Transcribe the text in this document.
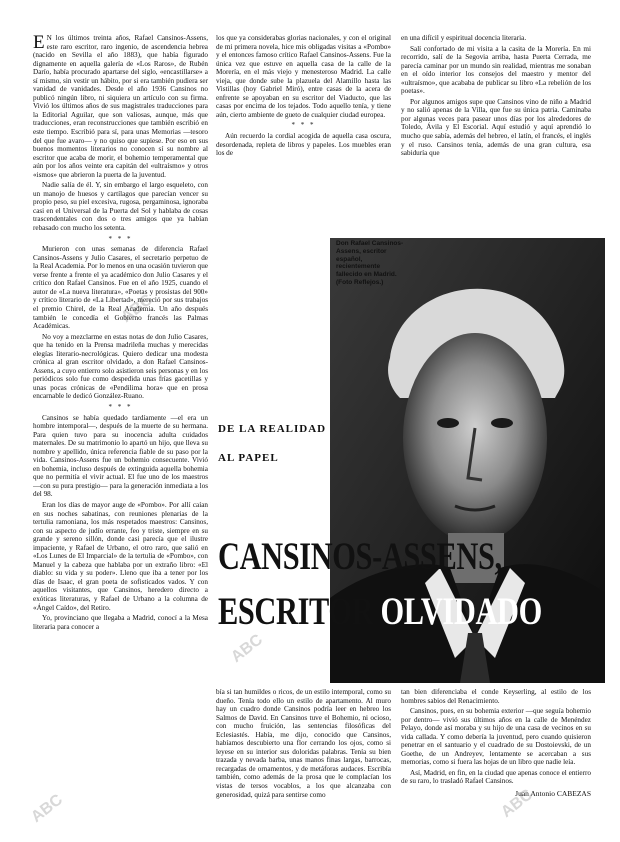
ABC
ABC
ABC	ABC

E N los últimos treinta años, Rafael Cansinos-Assens, este raro escritor, raro ingenio, de ascendencia hebrea (nacido en Sevilla el año 1883), que había figurado dignamente en aquella galería de «Los Raros», de Rubén Darío, había procurado apartarse del siglo, «encastillarse» a sí mismo, sin vestir un hábito, por si era también pudiera ser vanidad de vanidades. Desde el año 1936 Cansinos no publicó ningún libro, ni siquiera un artículo con su firma. Vivió los últimos años de sus magistrales traducciones para la Editorial Aguilar, que son valiosas, aunque, más que traducciones, eran reconstrucciones que también escribió en este tiempo. Escribió para sí, para unas Memorias —tesoro del que fue avaro— y no quiso que supiese. Por eso en sus buenos momentos literarios no conocen sí su nombre al escritor que acaba de morir, el bohemio temperamental que aún por los años veinte era capitán del «ultraísmo» y otros «ismos» que abrieron la puerta de la juventud.

Nadie salía de él. Y, sin embargo el largo esqueleto, con un manojo de huesos y cartílagos que parecían vencer su propio peso, su piel excesiva, rugosa, pergaminosa, ignoraba casi en el Universal de la Puerta del Sol y hablaba de cosas trascendentales con dos o tres amigos que ya habían rebasado con mucho los setenta.

* * *

Murieron con unas semanas de diferencia Rafael Cansinos-Assens y Julio Casares, el secretario perpetuo de la Real Academia. Por lo menos en una ocasión tuvieron que verse frente a frente el ya académico don Julio Casares y el crítico don Rafael Cansinos. Fue en el año 1925, cuando el autor de «La nueva literatura», «Poetas y prosistas del 900» y crítico literario de «La Libertad», mereció por sus trabajos el premio Chirel, de la Real Academia. Un año después también le concedía el Gobierno francés las Palmas Académicas.

No voy a mezclarme en estas notas de don Julio Casares, que ha tenido en la Prensa madrileña muchas y merecidas elegías literario-necrológicas. Quiero dedicar una modesta crónica al gran escritor olvidado, a don Rafael Cansinos-Assens, a cuyo entierro solo asistieron seis personas y en los periódicos solo fue como despedida unas frías gacetillas y unas pocas crónicas de «Pendilima hora» que en prosa encarnable le dedicó González-Ruano.

* * *

Cansinos se había quedado tardíamente —el era un hombre intemporal—, después de la muerte de su hermana. Para quien tuvo para su inocencia adulta cuidados maternales. De su matrimonio lo apartó un hijo, que lleva su nombre y apellido, única referencia fiable de su paso por la vida. Cansinos-Assens fue un bohemio consecuente. Vivió en bohemia, incluso después de extinguida aquella bohemia que no permitía el vivir actual. El fue uno de los maestros —con su pura prestigio— para la generación inmediata a los del 98.

Eran los días de mayor auge de «Pombo». Por allí caían en sus noches sabatinas, con reuniones plenarias de la tertulia ramoniana, los más respetados maestros: Cansinos, con su aspecto de judío errante, feo y triste, siempre en su grande y sereno sillón, donde casi parecía que el ilustre impaciente, y Rafael de Urbano, el otro raro, que salió en «Los Lunes de El Imparcial» de la tertulia de «Pombo», con Manuel y la cabeza que hablaba por un extraño libro: «El diablo: su vida y su poder». Lleno que iba a tener por los días de Isaac, el gran poeta de sofisticados vados. Y con aquellos visitantes, que Cansinos, heredero directo a exóticas literaturas, y Rafael de Urbano a la columna de «Ángel Caído», del Retiro.

Yo, provinciano que llegaba a Madrid, conocí a la Mesa literaria para conocer a

los que ya considerabas glorias nacionales, y con el original de mi primera novela, hice mis obligadas visitas a «Pombo» y el entonces famoso crítico Rafael Cansinos-Assens. Fue la única vez que estuve en aquella casa de la calle de la Morería, en el más viejo y menesteroso Madrid. La calle vieja, que donde sube la plazuela del Alamillo hasta las Vistillas (hoy Gabriel Miró), entre casas de la acera de enfrente se apoyaban en su escritor del Viaducto, que las casas por encima de los tejados. Todo aquello tenía, y tiene aún, cierto ambiente de gueto de cualquier ciudad europea.

* * *

Aún recuerdo la cordial acogida de aquella casa oscura, desordenada, repleta de libros y papeles. Los muebles eran los de

en una difícil y espiritual docencia literaria.

Salí confortado de mi visita a la casita de la Morería. En mi recorrido, salí de la Segovia arriba, hasta Puerta Cerrada, me parecía caminar por un mundo sin realidad, mientras me sonaban en el oído interior los consejos del maestro y mentor del «ultraísmo», que acababa de publicar su libro «La rebelión de los poetas».

Por algunos amigos supe que Cansinos vino de niño a Madrid y no salió apenas de la Villa, que fue su única patria. Caminaba por algunas veces para pasear unos días por los alrededores de Toledo, Ávila y El Escorial. Aquí estudió y aquí aprendió lo mucho que sabía, además del hebreo, el latín, el francés, el inglés y el ruso. Cansinos tenía, además de una gran cultura, esa sabiduría que

Don Rafael Cansinos-Assens, escritor español, recientemente fallecido en Madrid. (Foto Reflejos.)
DE LA REALIDAD
AL PAPEL
CANSINOS-ASSENS,
ESCRITOR OLVIDADO

bía si tan humildes o ricos, de un estilo intemporal, como su dueño. Tenía todo ello un estilo de apartamento. Al muro hay un cuadro donde Cansinos podría leer en hebreo los Salmos de David. En Cansinos tuve el Bohemio, ni ocioso, con mucho fruición, las sentencias filosóficas del Eclesiastés. Había, me dijo, conocido que Cansinos, habíamos descubierto una flor cerrando los ojos, como si leyese en su interior sus doloridas palabras. Tenía su bien trazada y nevada barba, unas manos finas largas, barrocas, recargadas de ornamentos, y de metáforas audaces. Escribía también, como además de la prosa que le complacían los vistas de tersos vocablos, a los que alcanzaba con generosidad, quizá para sentirse como

tan bien diferenciaba el conde Keyserling, al estilo de los hombres sabios del Renacimiento.

Cansinos, pues, en su bohemia exterior —que seguía bohemio por dentro— vivió sus últimos años en la calle de Menéndez Pelayo, donde así moraba y su hijo de una casa de vecinos en su vida callada. Y como debería la juventud, pero cuando quisieron penetrar en el santuario y el cuadrado de su Dostoievski, de un Goethe, de un Andreyev, lentamente se acercaban a sus memorias, como si fuera las hojas de un libro que nadie leía.

Así, Madrid, en fin, en la ciudad que apenas conoce el entierro de su raro, lo trasladó Rafael Cansinos.

Juan Antonio CABEZAS
